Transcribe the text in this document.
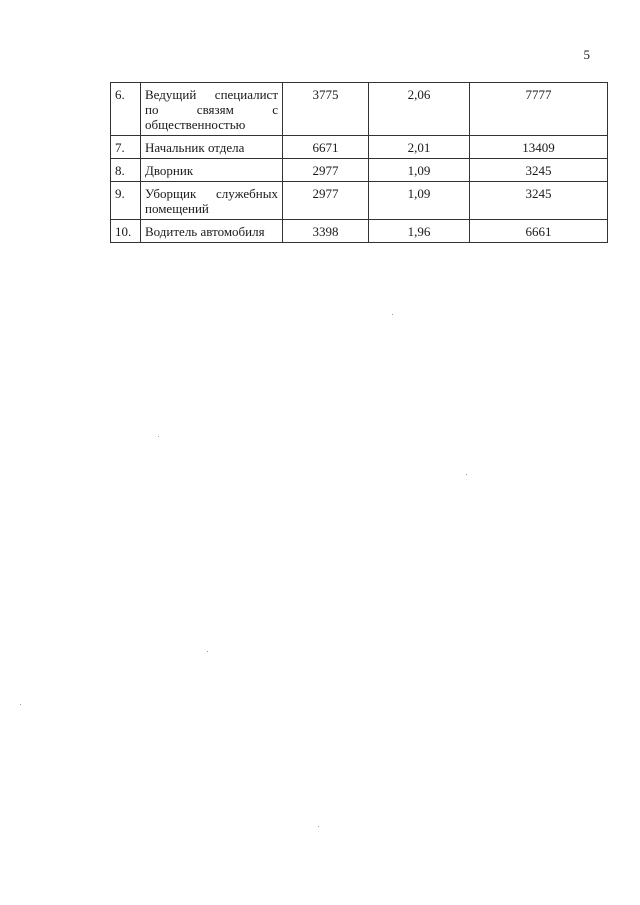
5
6.	Ведущий специалист по связям с общественностью	3775	2,06	7777
7.	Начальник отдела	6671	2,01	13409
8.	Дворник	2977	1,09	3245
9.	Уборщик служебных помещений	2977	1,09	3245
10.	Водитель автомобиля	3398	1,96	6661
